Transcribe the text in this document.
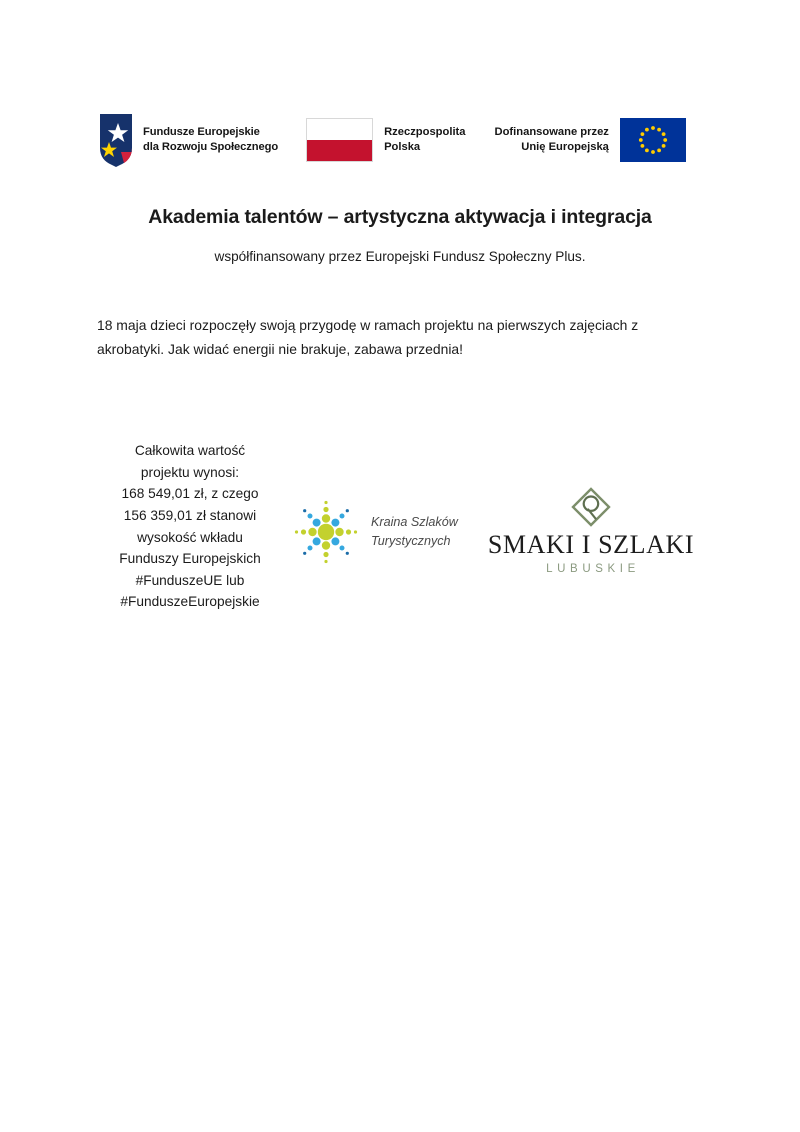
Fundusze Europejskie
dla Rozwoju Społecznego
Rzeczpospolita
Polska
Dofinansowane przez
Unię Europejską
Akademia talentów – artystyczna aktywacja i integracja
współfinansowany przez Europejski Fundusz Społeczny Plus.
18 maja dzieci rozpoczęły swoją przygodę w ramach projektu na pierwszych zajęciach z akrobatyki. Jak widać energii nie brakuje, zabawa przednia!
Całkowita wartość
projektu wynosi:
168 549,01 zł, z czego
156 359,01 zł stanowi
wysokość wkładu
Funduszy Europejskich
#FunduszeUE lub
#FunduszeEuropejskie
Kraina Szlaków
Turystycznych SMAKI I SZLAKI
LUBUSKIE
